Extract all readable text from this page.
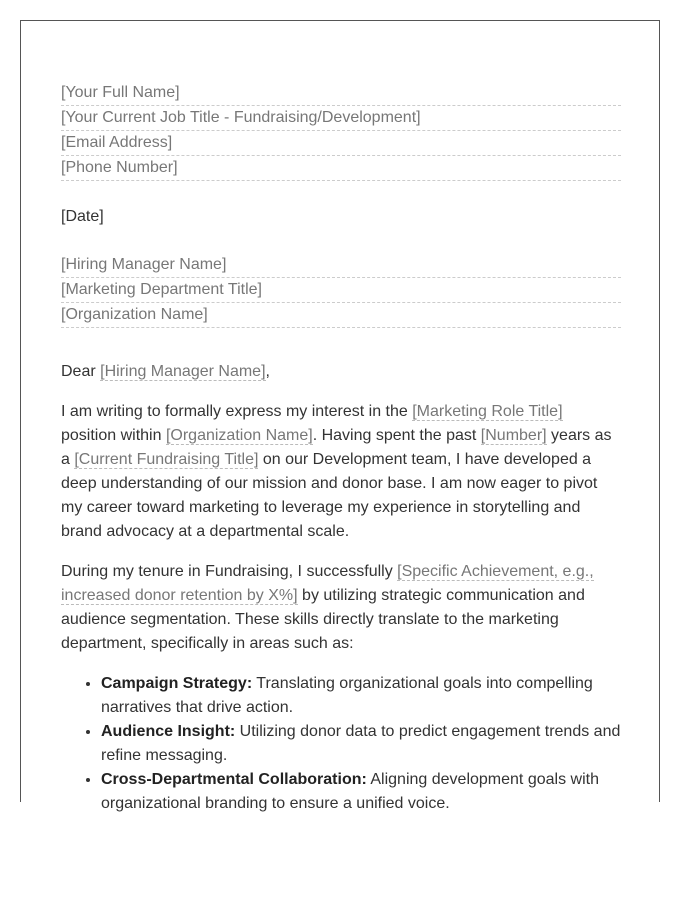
[Your Full Name]
[Your Current Job Title - Fundraising/Development]
[Email Address]
[Phone Number]
[Date]
[Hiring Manager Name]
[Marketing Department Title]
[Organization Name]
Dear [Hiring Manager Name],

I am writing to formally express my interest in the [Marketing Role Title] position within [Organization Name]. Having spent the past [Number] years as a [Current Fundraising Title] on our Development team, I have developed a deep understanding of our mission and donor base. I am now eager to pivot my career toward marketing to leverage my experience in storytelling and brand advocacy at a departmental scale.

During my tenure in Fundraising, I successfully [Specific Achievement, e.g., increased donor retention by X%] by utilizing strategic communication and audience segmentation. These skills directly translate to the marketing department, specifically in areas such as:

• Campaign Strategy: Translating organizational goals into compelling narratives that drive action.
• Audience Insight: Utilizing donor data to predict engagement trends and refine messaging.
• Cross-Departmental Collaboration: Aligning development goals with organizational branding to ensure a unified voice.
